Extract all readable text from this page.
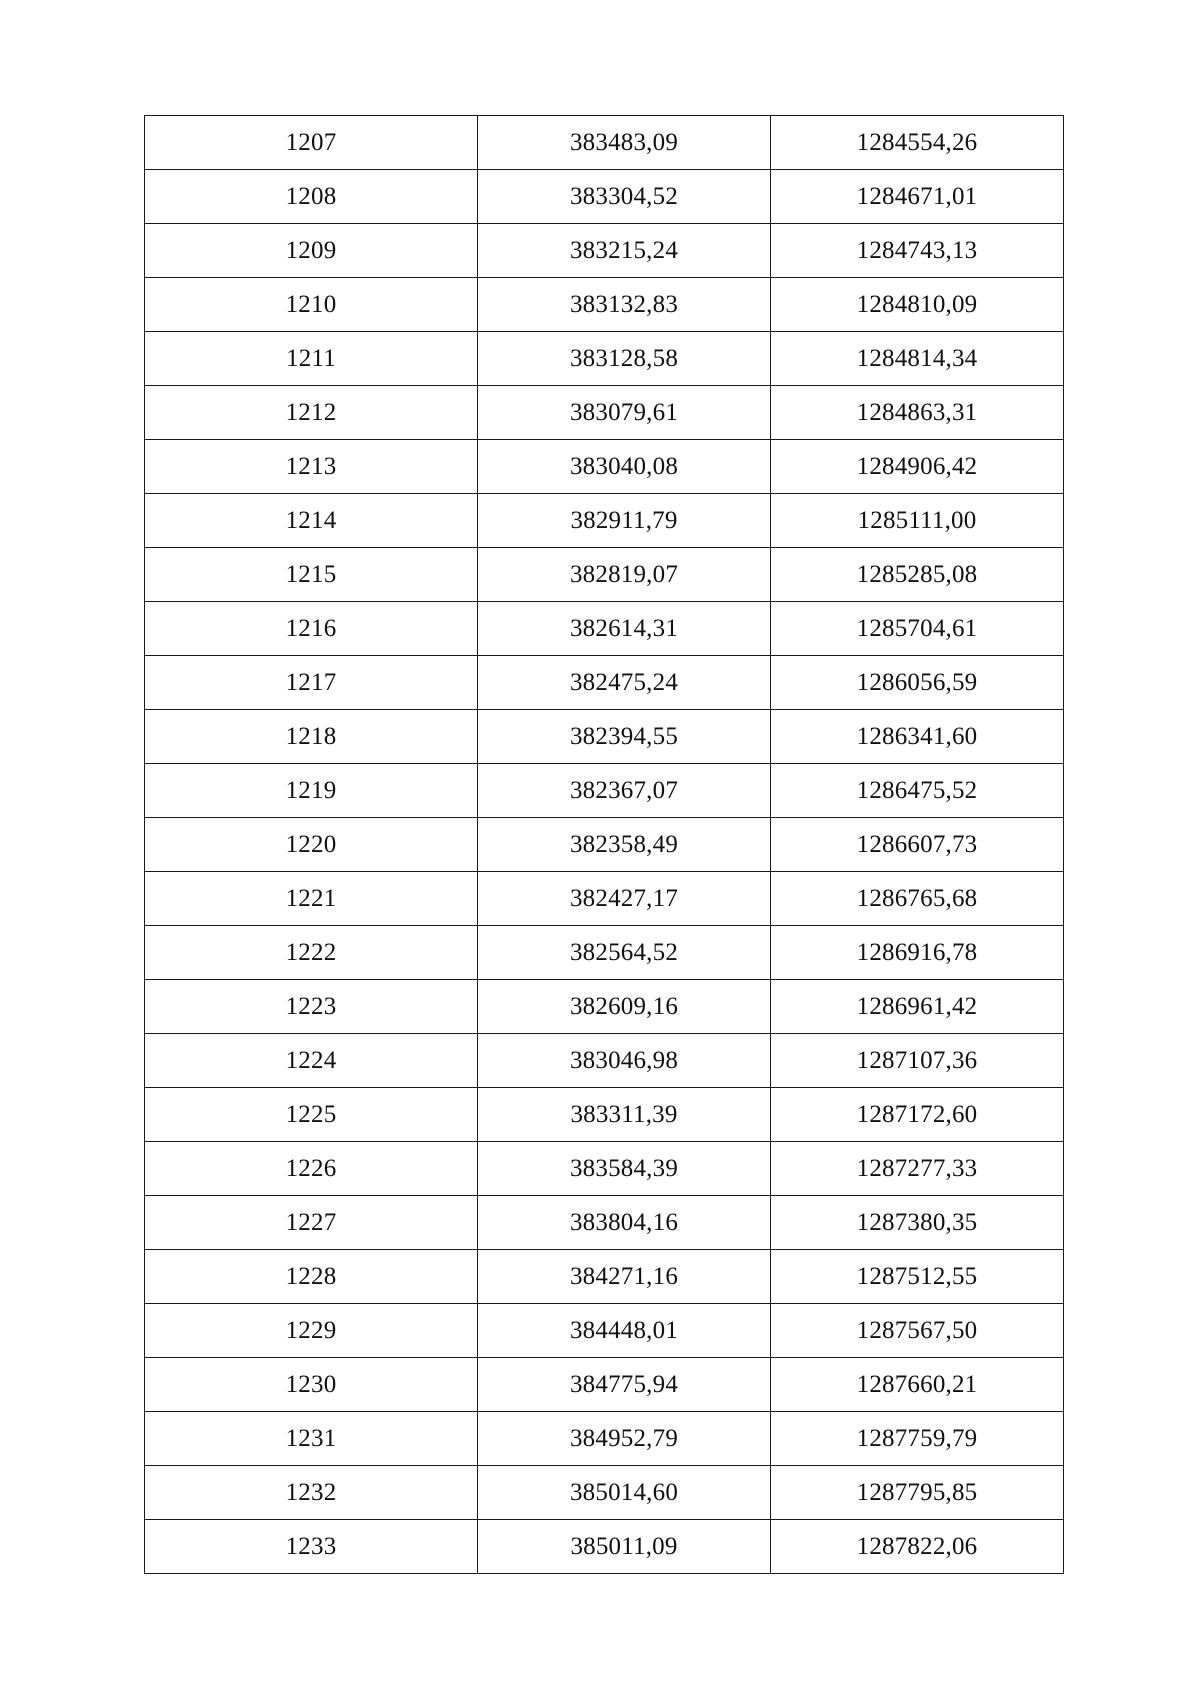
1207	383483,09	1284554,26
1208	383304,52	1284671,01
1209	383215,24	1284743,13
1210	383132,83	1284810,09
1211	383128,58	1284814,34
1212	383079,61	1284863,31
1213	383040,08	1284906,42
1214	382911,79	1285111,00
1215	382819,07	1285285,08
1216	382614,31	1285704,61
1217	382475,24	1286056,59
1218	382394,55	1286341,60
1219	382367,07	1286475,52
1220	382358,49	1286607,73
1221	382427,17	1286765,68
1222	382564,52	1286916,78
1223	382609,16	1286961,42
1224	383046,98	1287107,36
1225	383311,39	1287172,60
1226	383584,39	1287277,33
1227	383804,16	1287380,35
1228	384271,16	1287512,55
1229	384448,01	1287567,50
1230	384775,94	1287660,21
1231	384952,79	1287759,79
1232	385014,60	1287795,85
1233	385011,09	1287822,06
